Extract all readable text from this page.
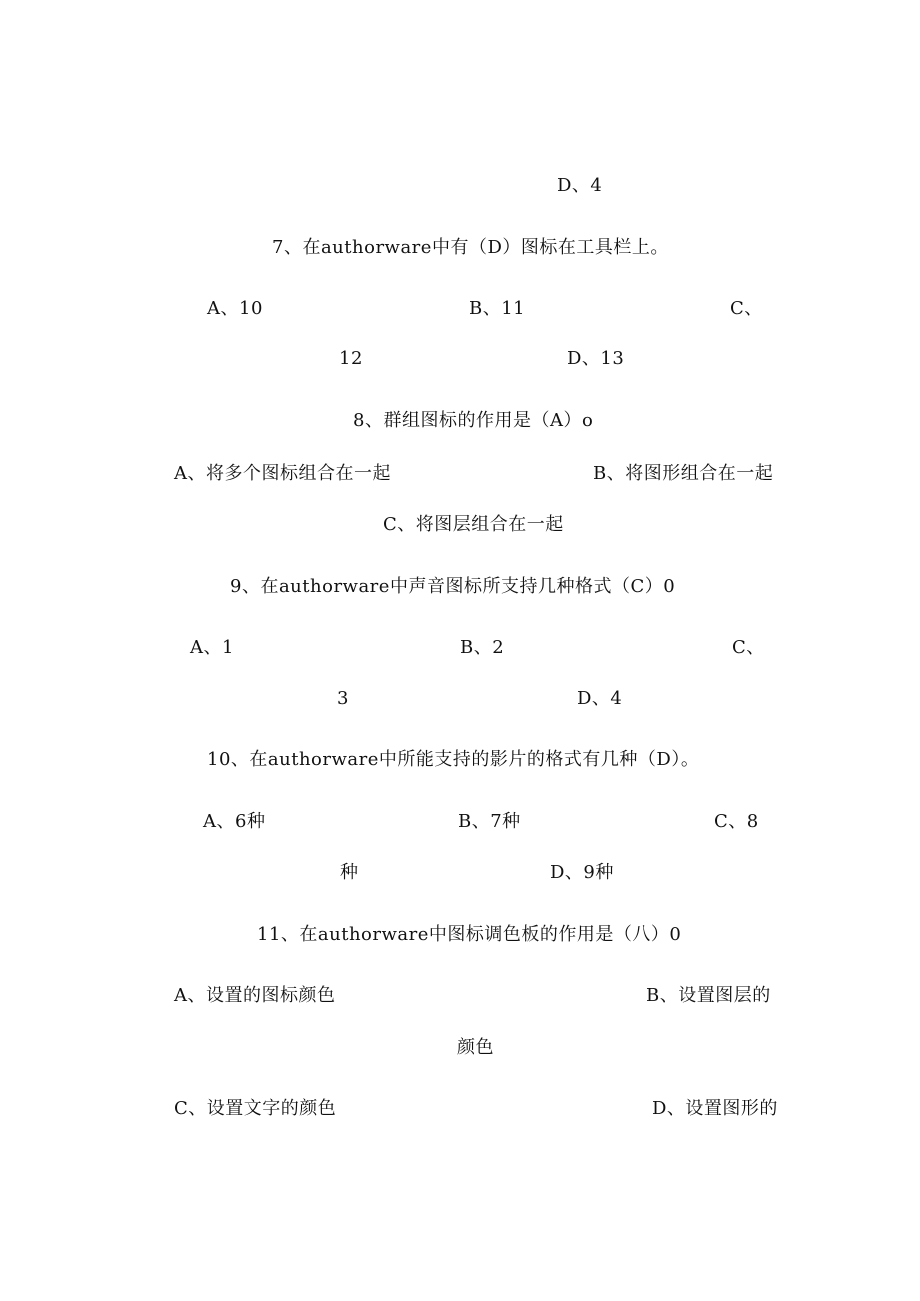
D、4
7、在authorware中有（D）图标在工具栏上。
A、10	B、11	C、
12	D、13
8、群组图标的作用是（A）o
A、将多个图标组合在一起	B、将图形组合在一起
C、将图层组合在一起
9、在authorware中声音图标所支持几种格式（C）0
A、1	B、2	C、
3	D、4
10、在authorware中所能支持的影片的格式有几种（D）。
A、6种	B、7种	C、8
种	D、9种
11、在authorware中图标调色板的作用是（八）0
A、设置的图标颜色	B、设置图层的
颜色
C、设置文字的颜色	D、设置图形的
